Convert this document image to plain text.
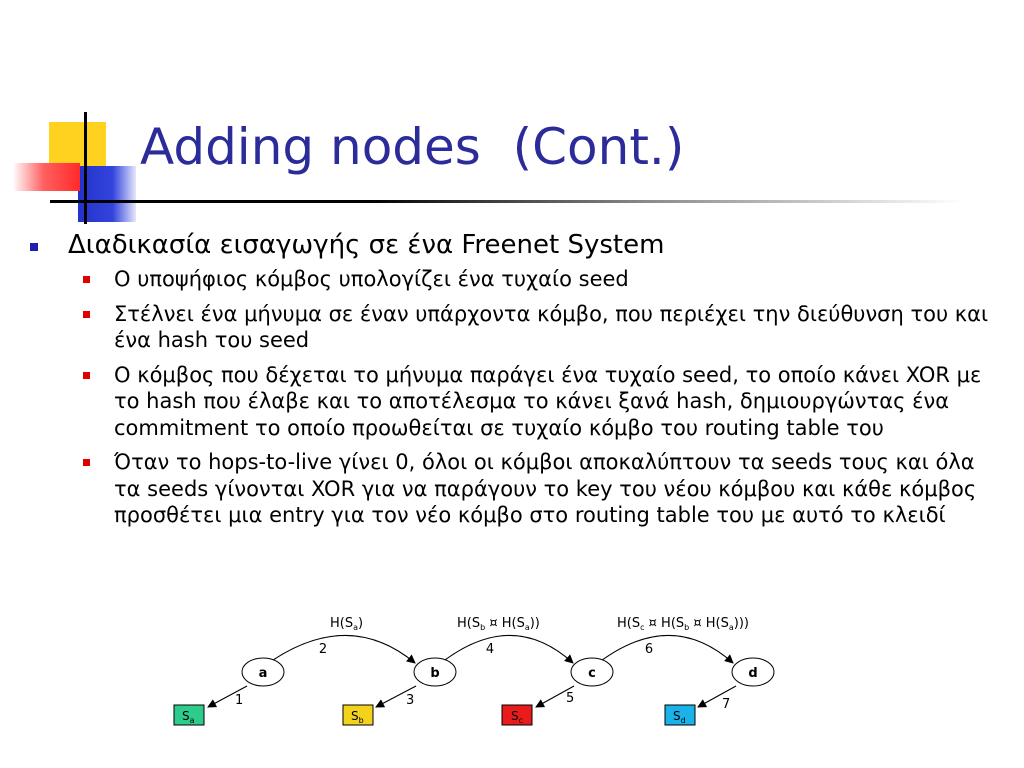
Adding nodes  (Cont.)
Διαδικασία εισαγωγής σε ένα Freenet System
Ο υποψήφιος κόμβος υπολογίζει ένα τυχαίο seed
Στέλνει ένα μήνυμα σε έναν υπάρχοντα κόμβο, που περιέχει την διεύθυνση του και ένα hash του seed
Ο κόμβος που δέχεται το μήνυμα παράγει ένα τυχαίο seed, το οποίο κάνει XOR με το hash που έλαβε και το αποτέλεσμα το κάνει ξανά hash, δημιουργώντας ένα commitment το οποίο προωθείται σε τυχαίο κόμβο του routing table του
Όταν το hops-to-live γίνει 0, όλοι οι κόμβοι αποκαλύπτουν τα seeds τους και όλα τα seeds γίνονται XOR για να παράγουν το key του νέου κόμβου και κάθε κόμβος προσθέτει μια entry για τον νέο κόμβο στο routing table του με αυτό το κλειδί
a	b	c	d
$S_a$	$S_b$	$S_c$	$S_d$
2	4	6
$H(S_a)$	$H(S_b$ ¤ $H(S_a)$)	$H(S_c$ ¤ $H(S_b$ ¤ $H(S_a)$))
1	3	5	7
